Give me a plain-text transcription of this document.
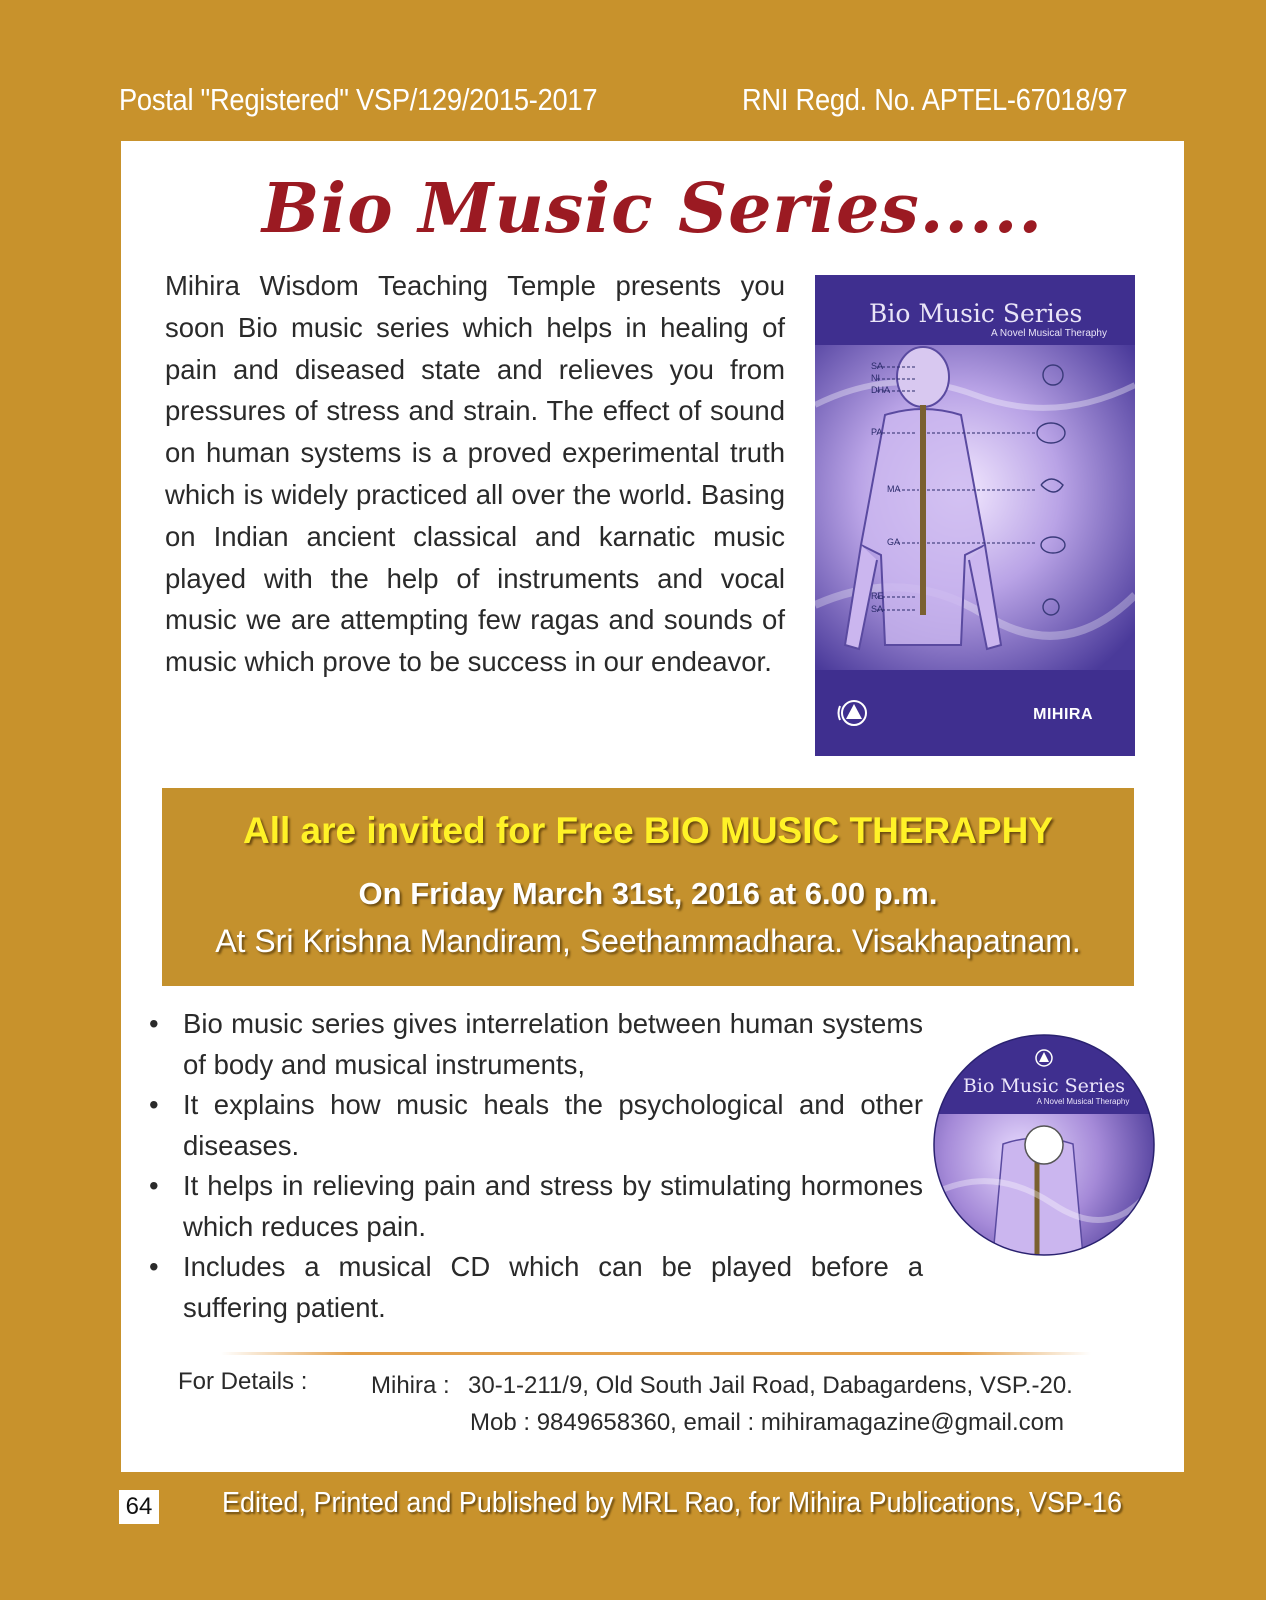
Postal "Registered" VSP/129/2015-2017	RNI Regd. No. APTEL-67018/97
Bio Music Series.....
Mihira Wisdom Teaching Temple presents you soon Bio music series which helps in healing of pain and diseased state and relieves you from pressures of stress and strain. The effect of sound on human systems is a proved experimental truth which is widely practiced all over the world. Basing on Indian ancient classical and karnatic music played with the help of instruments and vocal music we are attempting few ragas and sounds of music which prove to be success in our endeavor.
SA
NI
DHA
PA
MA
GA
RE
SA
Bio Music Series
A Novel Musical Theraphy
MIHIRA
All are invited for Free BIO MUSIC THERAPHY
On Friday March 31st, 2016 at 6.00 p.m.
At Sri Krishna Mandiram, Seethammadhara. Visakhapatnam.
• Bio music series gives interrelation between human systems of body and musical instruments,
• It explains how music heals the psychological and other diseases.
• It helps in relieving pain and stress by stimulating hormones which reduces pain.
• Includes a musical CD which can be played before a suffering patient.
Bio Music Series
A Novel Musical Theraphy
For Details :	Mihira : 30-1-211/9, Old South Jail Road, Dabagardens, VSP.-20.
Mob : 9849658360, email : mihiramagazine@gmail.com
64 Edited, Printed and Published by MRL Rao, for Mihira Publications, VSP-16
